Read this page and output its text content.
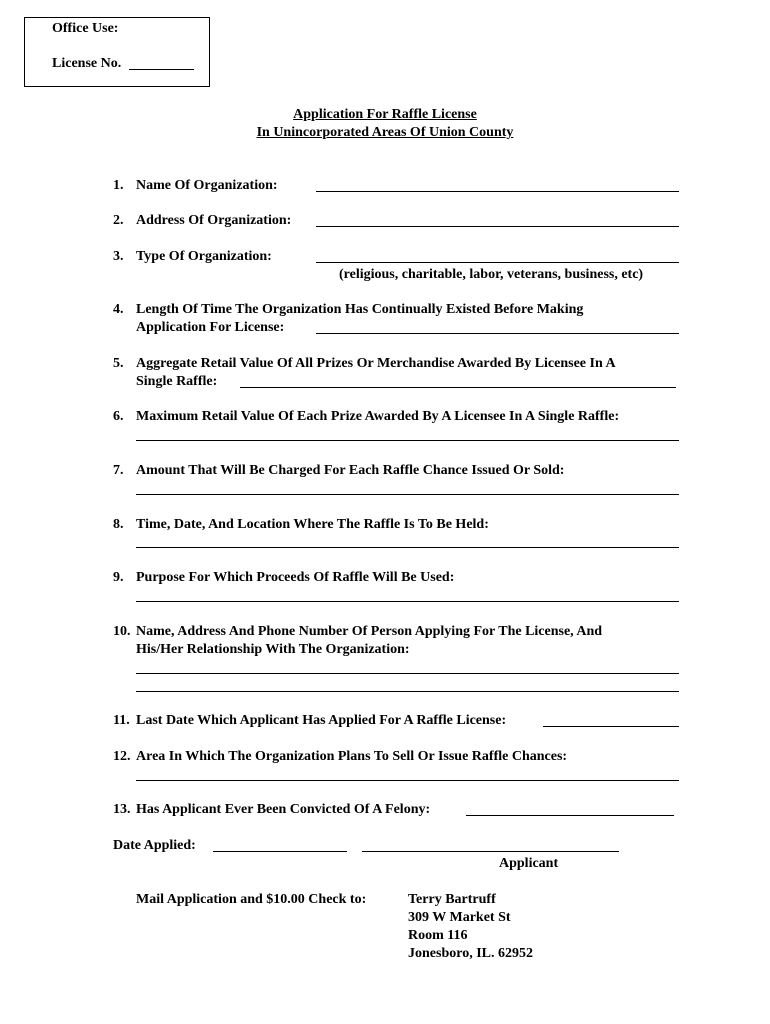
Office Use:
License No.
Application For Raffle License
In Unincorporated Areas Of Union County
1. Name Of Organization:
2. Address Of Organization:
3. Type Of Organization:
(religious, charitable, labor, veterans, business, etc)
4. Length Of Time The Organization Has Continually Existed Before Making
Application For License:
5. Aggregate Retail Value Of All Prizes Or Merchandise Awarded By Licensee In A
Single Raffle:
6. Maximum Retail Value Of Each Prize Awarded By A Licensee In A Single Raffle:
7. Amount That Will Be Charged For Each Raffle Chance Issued Or Sold:
8. Time, Date, And Location Where The Raffle Is To Be Held:
9. Purpose For Which Proceeds Of Raffle Will Be Used:
10. Name, Address And Phone Number Of Person Applying For The License, And
His/Her Relationship With The Organization:
11. Last Date Which Applicant Has Applied For A Raffle License:
12. Area In Which The Organization Plans To Sell Or Issue Raffle Chances:
13. Has Applicant Ever Been Convicted Of A Felony:
Date Applied:
Applicant
Mail Application and $10.00 Check to:	Terry Bartruff
309 W Market St
Room 116
Jonesboro, IL. 62952
